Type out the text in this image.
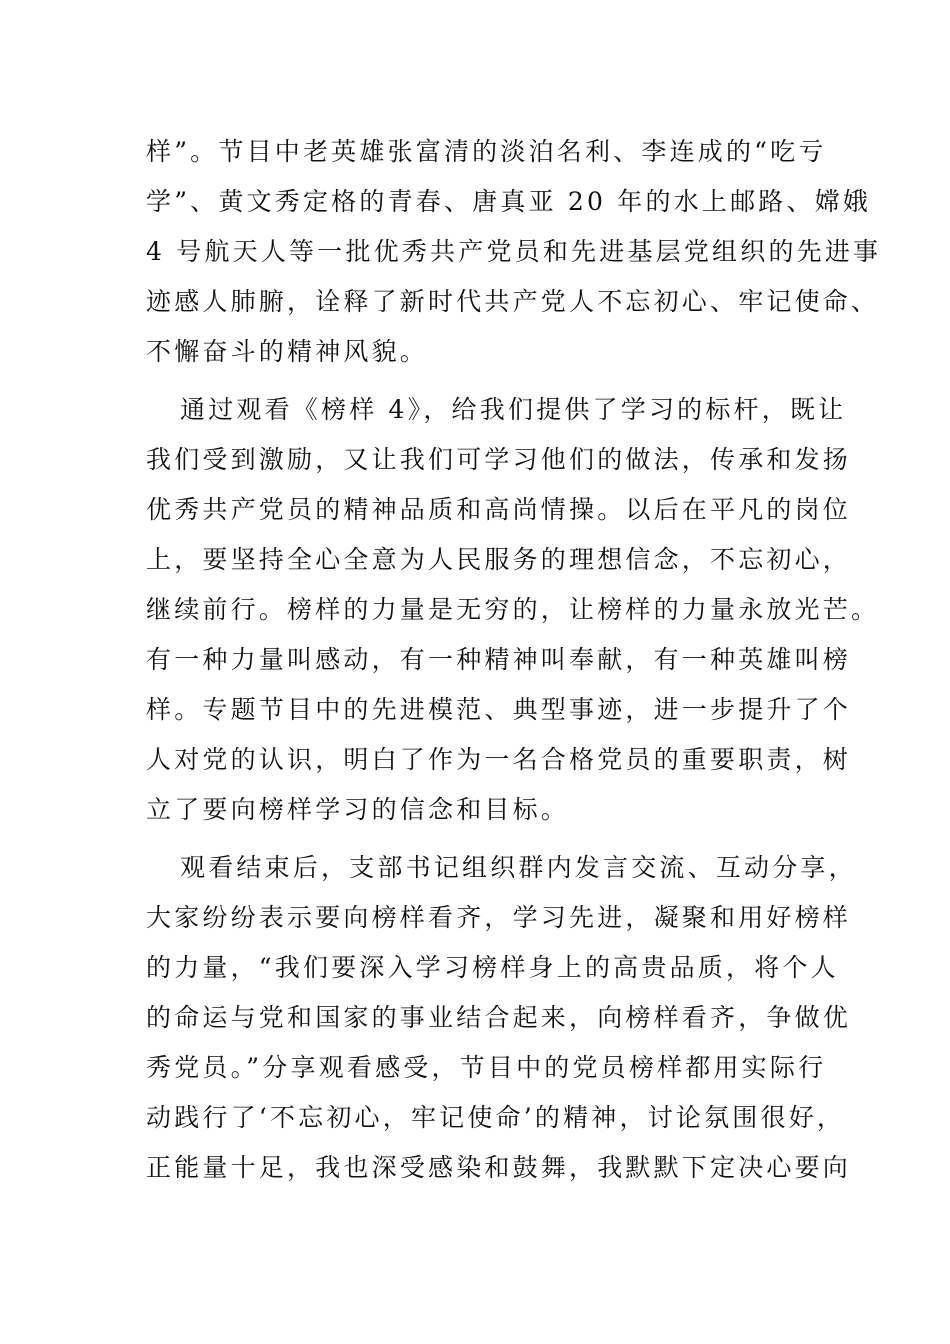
样”。节目中老英雄张富清的淡泊名利、李连成的“吃亏

学”、黄文秀定格的青春、唐真亚 20 年的水上邮路、嫦娥

4 号航天人等一批优秀共产党员和先进基层党组织的先进事

迹感人肺腑，诠释了新时代共产党人不忘初心、牢记使命、

不懈奋斗的精神风貌。

通过观看《榜样 4》，给我们提供了学习的标杆，既让

我们受到激励，又让我们可学习他们的做法，传承和发扬

优秀共产党员的精神品质和高尚情操。以后在平凡的岗位

上，要坚持全心全意为人民服务的理想信念，不忘初心，

继续前行。榜样的力量是无穷的，让榜样的力量永放光芒。

有一种力量叫感动，有一种精神叫奉献，有一种英雄叫榜

样。专题节目中的先进模范、典型事迹，进一步提升了个

人对党的认识，明白了作为一名合格党员的重要职责，树

立了要向榜样学习的信念和目标。

观看结束后，支部书记组织群内发言交流、互动分享，

大家纷纷表示要向榜样看齐，学习先进，凝聚和用好榜样

的力量，“我们要深入学习榜样身上的高贵品质，将个人

的命运与党和国家的事业结合起来，向榜样看齐，争做优

秀党员。”分享观看感受，节目中的党员榜样都用实际行

动践行了‘不忘初心，牢记使命’的精神，讨论氛围很好，

正能量十足，我也深受感染和鼓舞，我默默下定决心要向
